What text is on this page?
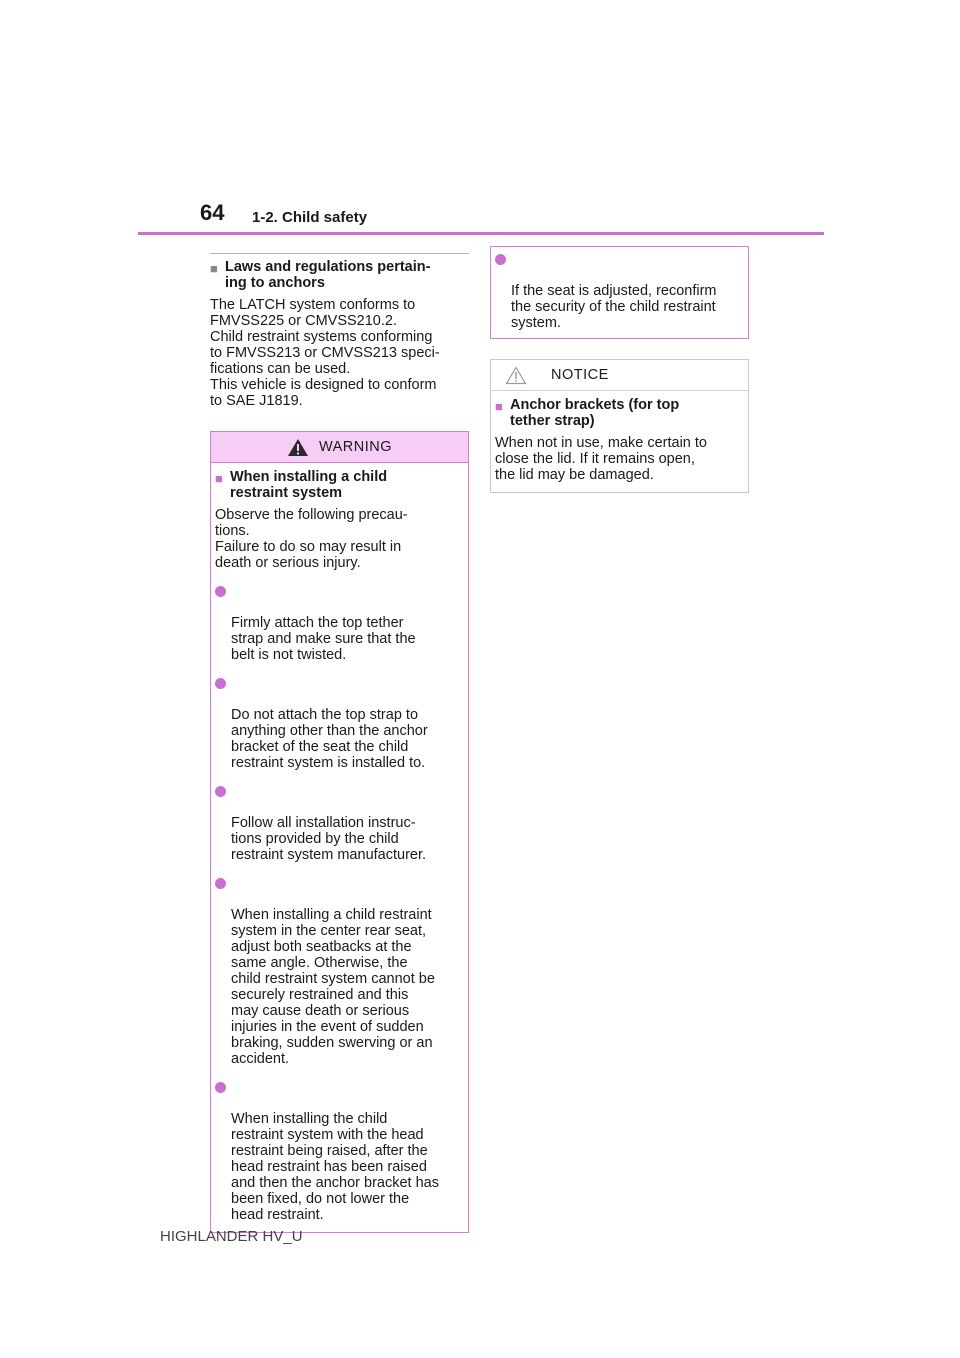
64 1-2. Child safety
■ Laws and regulations pertain-
ing to anchors

The LATCH system conforms to
FMVSS225 or CMVSS210.2.
Child restraint systems conforming
to FMVSS213 or CMVSS213 speci-
fications can be used.
This vehicle is designed to conform
to SAE J1819.

WARNING
■ When installing a child
restraint system

Observe the following precau-
tions.
Failure to do so may result in
death or serious injury.

Firmly attach the top tether
strap and make sure that the
belt is not twisted.

Do not attach the top strap to
anything other than the anchor
bracket of the seat the child
restraint system is installed to.

Follow all installation instruc-
tions provided by the child
restraint system manufacturer.

When installing a child restraint
system in the center rear seat,
adjust both seatbacks at the
same angle. Otherwise, the
child restraint system cannot be
securely restrained and this
may cause death or serious
injuries in the event of sudden
braking, sudden swerving or an
accident.

When installing the child
restraint system with the head
restraint being raised, after the
head restraint has been raised
and then the anchor bracket has
been fixed, do not lower the
head restraint.

If the seat is adjusted, reconfirm
the security of the child restraint
system.

NOTICE
■ Anchor brackets (for top
tether strap)

When not in use, make certain to
close the lid. If it remains open,
the lid may be damaged.

HIGHLANDER HV_U
